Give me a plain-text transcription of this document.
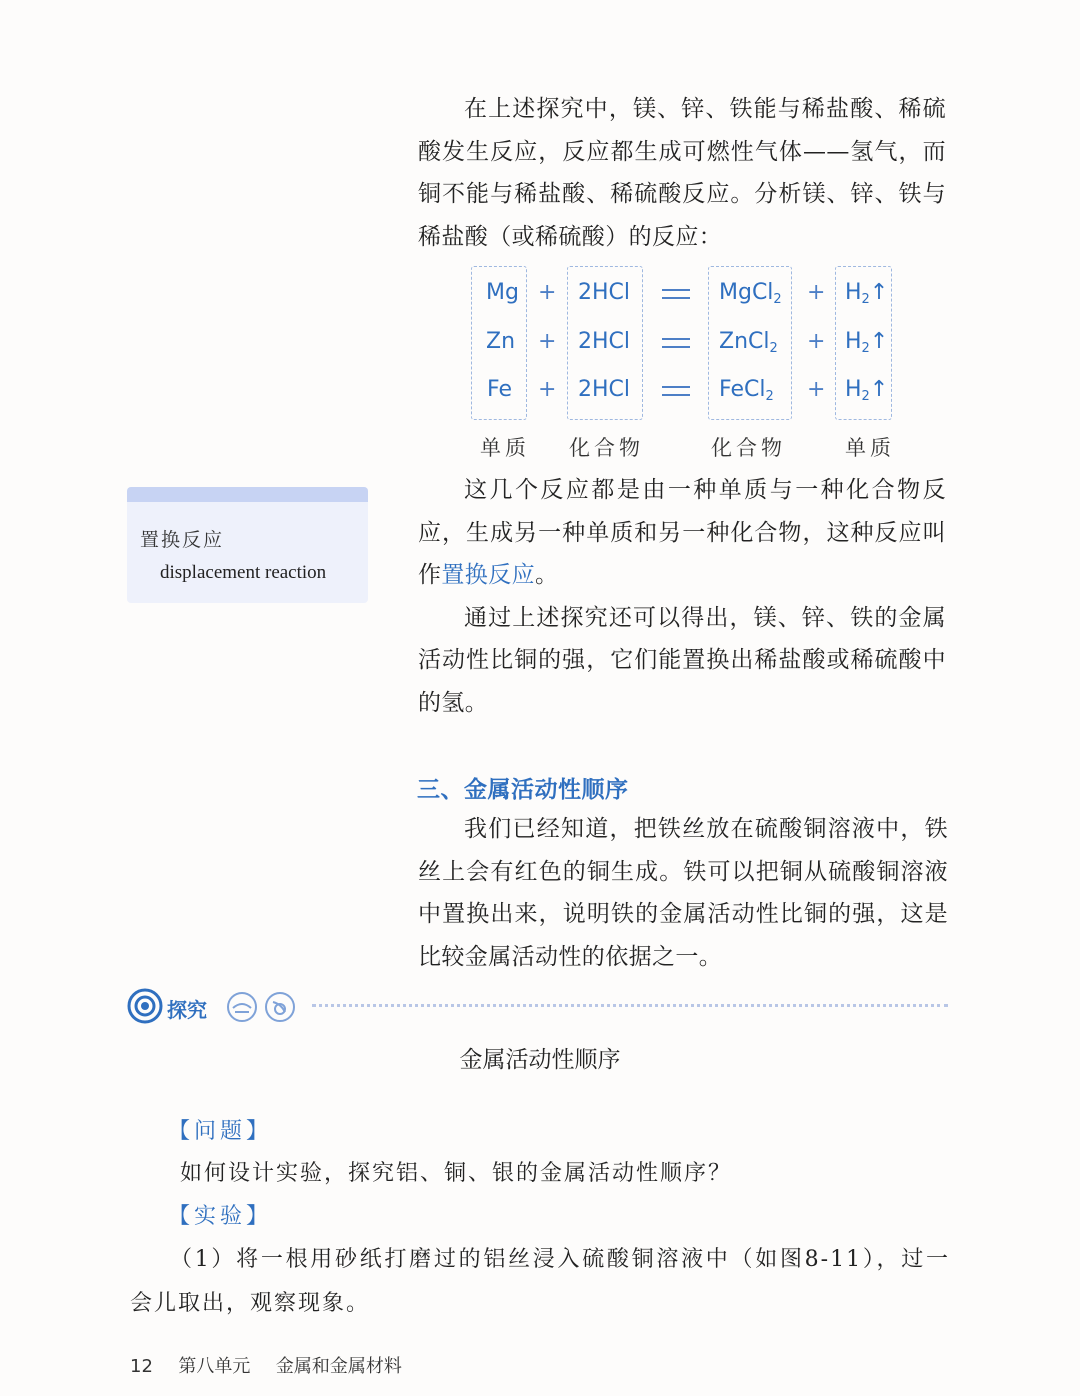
在上述探究中，镁、锌、铁能与稀盐酸、稀硫酸发生反应，反应都生成可燃性气体——氢气，而铜不能与稀盐酸、稀硫酸反应。分析镁、锌、铁与稀盐酸（或稀硫酸）的反应：

Mg + 2HCl	MgCl$_2$ + $H_2↑$
Zn + 2HCl	ZnCl$_2$ + $H_2↑$
Fe + 2HCl	FeCl$_2$ + $H_2↑$
单质 化合物	化合物	单质

这几个反应都是由一种单质与一种化合物反应，生成另一种单质和另一种化合物，这种反应叫作置换反应。

通过上述探究还可以得出，镁、锌、铁的金属活动性比铜的强，它们能置换出稀盐酸或稀硫酸中的氢。

置换反应
displacement reaction
三、金属活动性顺序

我们已经知道，把铁丝放在硫酸铜溶液中，铁丝上会有红色的铜生成。铁可以把铜从硫酸铜溶液中置换出来，说明铁的金属活动性比铜的强，这是比较金属活动性的依据之一。

探究
金属活动性顺序
【问题】
如何设计实验，探究铝、铜、银的金属活动性顺序？
【实验】

（1）将一根用砂纸打磨过的铝丝浸入硫酸铜溶液中（如图8-11），过一会儿取出，观察现象。

12 第八单元 金属和金属材料
